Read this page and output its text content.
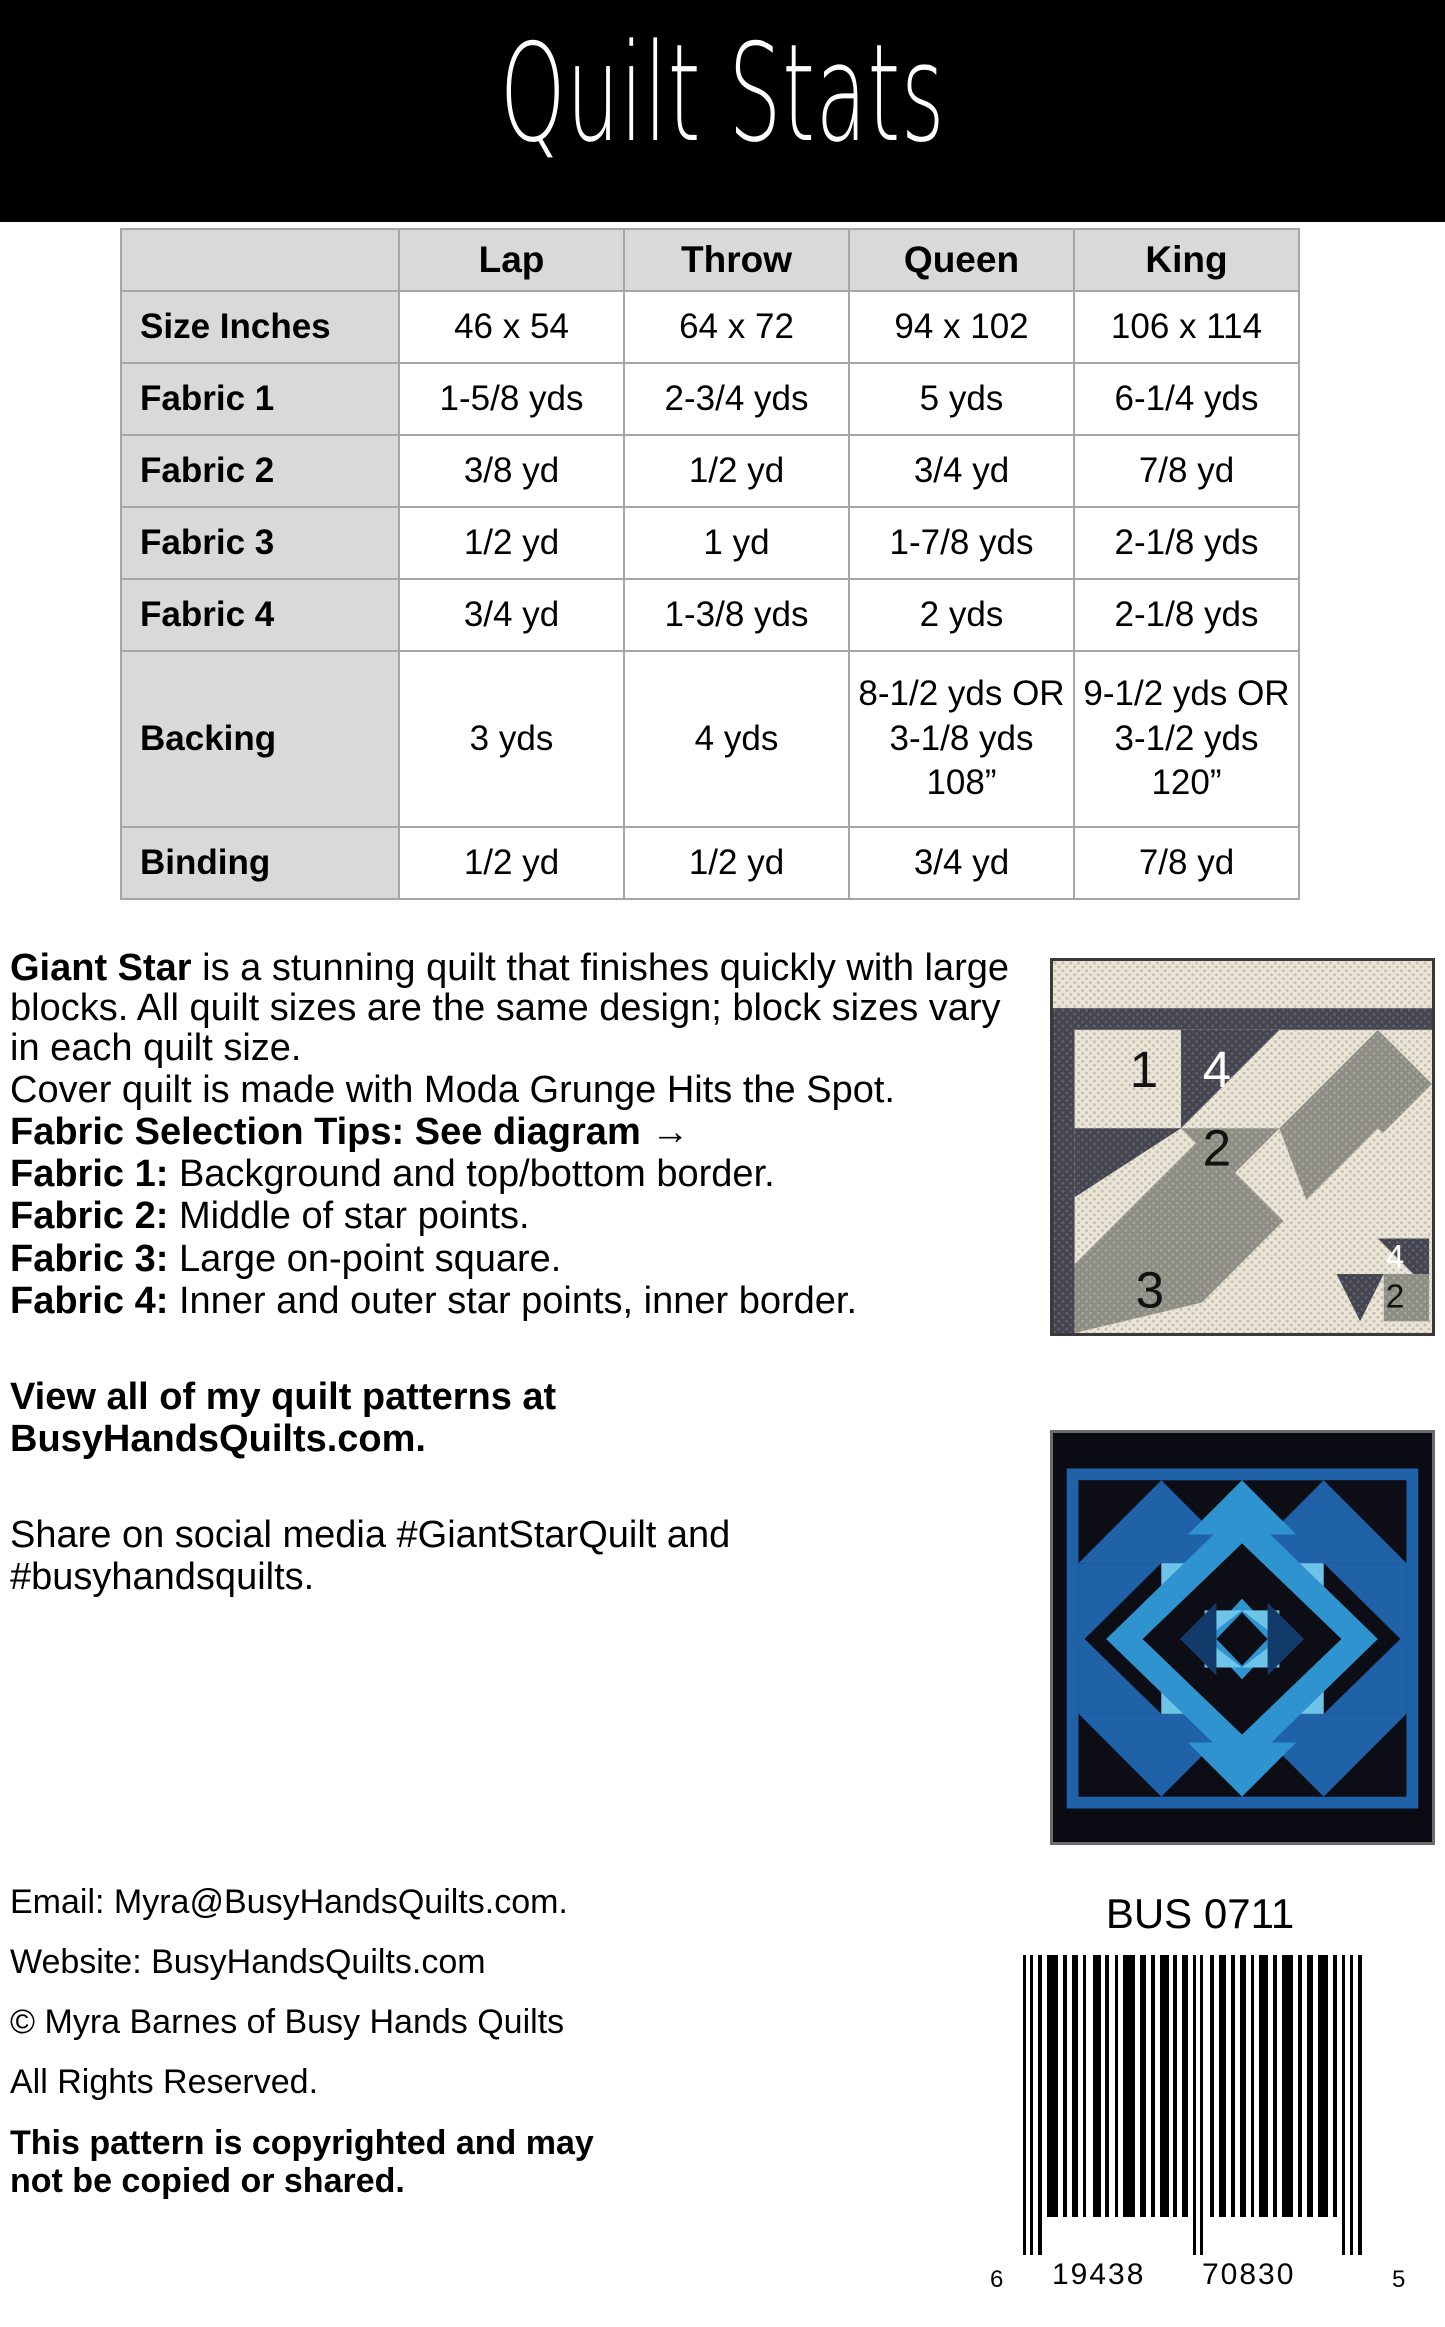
Quilt Stats
	Lap	Throw	Queen	King
Size Inches	46 x 54	64 x 72	94 x 102	106 x 114
Fabric 1	1-5/8 yds	2-3/4 yds	5 yds	6-1/4 yds
Fabric 2	3/8 yd	1/2 yd	3/4 yd	7/8 yd
Fabric 3	1/2 yd	1 yd	1-7/8 yds	2-1/8 yds
Fabric 4	3/4 yd	1-3/8 yds	2 yds	2-1/8 yds
Backing	3 yds	4 yds	8-1/2 yds OR 3-1/8 yds 108”	9-1/2 yds OR 3-1/2 yds 120”
Binding	1/2 yd	1/2 yd	3/4 yd	7/8 yd

Giant Star is a stunning quilt that finishes quickly with large blocks. All quilt sizes are the same design; block sizes vary in each quilt size.

Cover quilt is made with Moda Grunge Hits the Spot.

Fabric Selection Tips: See diagram →

Fabric 1: Background and top/bottom border.

Fabric 2: Middle of star points.

Fabric 3: Large on-point square.

Fabric 4: Inner and outer star points, inner border.

View all of my quilt patterns at

BusyHandsQuilts.com.

Share on social media #GiantStarQuilt and

#busyhandsquilts.

1 4
2
3
4
2

Email: Myra@BusyHandsQuilts.com.

Website: BusyHandsQuilts.com

© Myra Barnes of Busy Hands Quilts

All Rights Reserved.

This pattern is copyrighted and may

not be copied or shared.

BUS 0711
6 19438 70830	5
